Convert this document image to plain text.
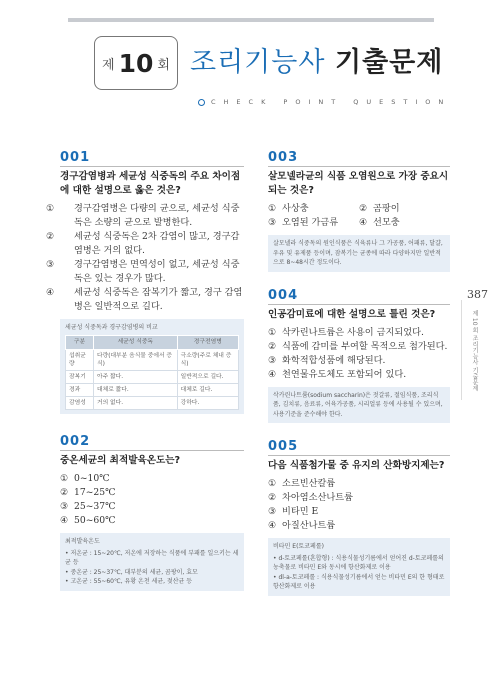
제 10 회 조리기능사 기출문제
CHECK POINT QUESTION
387
제 10 회 조리기능사 기출문제
001
경구감염병과 세균성 식중독의 주요 차이점에 대한 설명으로 옳은 것은?
① 경구감염병은 다량의 균으로, 세균성 식중독은 소량의 균으로 발병한다.
② 세균성 식중독은 2차 감염이 많고, 경구감염병은 거의 없다.
③ 경구감염병은 면역성이 없고, 세균성 식중독은 있는 경우가 많다.
④ 세균성 식중독은 잠복기가 짧고, 경구 감염병은 일반적으로 길다.
세균성 식중독과 경구감염병의 비교
구분	세균성 식중독	경구전염병
섭취균량	다량(대부분 음식물 중에서 증식)	극소량(주로 체내 증식)
잠복기	아주 짧다.	일반적으로 길다.
경과	대체로 짧다.	대체로 길다.
감염성	거의 없다.	강하다.
002
중온세균의 최적발육온도는?
① 0~10℃
② 17~25℃
③ 25~37℃
④ 50~60℃
최적발육온도
• 저온균 : 15~20℃, 저온에 저장하는 식품에 부패를 일으키는 세균 등
• 중온균 : 25~37℃, 대부분의 세균, 곰팡이, 효모
• 고온균 : 55~60℃, 유황 온천 세균, 젖산균 등
003
살모넬라균의 식품 오염원으로 가장 중요시되는 것은?
① 사상충	② 곰팡이
③ 오염된 가금류	④ 선모충
살모넬라 식중독의 원인식품은 식육류나 그 가공품, 어패류, 달걀, 우유 및 유제품 등이며, 잠복기는 균종에 따라 다양하지만 일반적으로 8~48시간 정도이다.
004
인공감미료에 대한 설명으로 틀린 것은?
① 삭카린나트륨은 사용이 금지되었다.
② 식품에 감미를 부여할 목적으로 첨가된다.
③ 화학적합성품에 해당된다.
④ 천연물유도체도 포함되어 있다.
삭카린나트륨(sodium saccharin)은 젓갈류, 절임식품, 조리식품, 김치류, 음료류, 어육가공품, 시리얼류 등에 사용될 수 있으며, 사용기준을 준수해야 한다.
005
다음 식품첨가물 중 유지의 산화방지제는?
① 소르빈산칼륨
② 차아염소산나트륨
③ 비타민 E
④ 아질산나트륨
비타민 E(토코페롤)
• d-토코페롤(혼합형) : 식용식물성기름에서 얻어진 d-토코페롤의 농축물로 비타민 E와 동시에 항산화제로 이용
• dl-a-토코페롤 : 식용식물성기름에서 얻는 비타민 E의 한 형태로 항산화제로 이용
